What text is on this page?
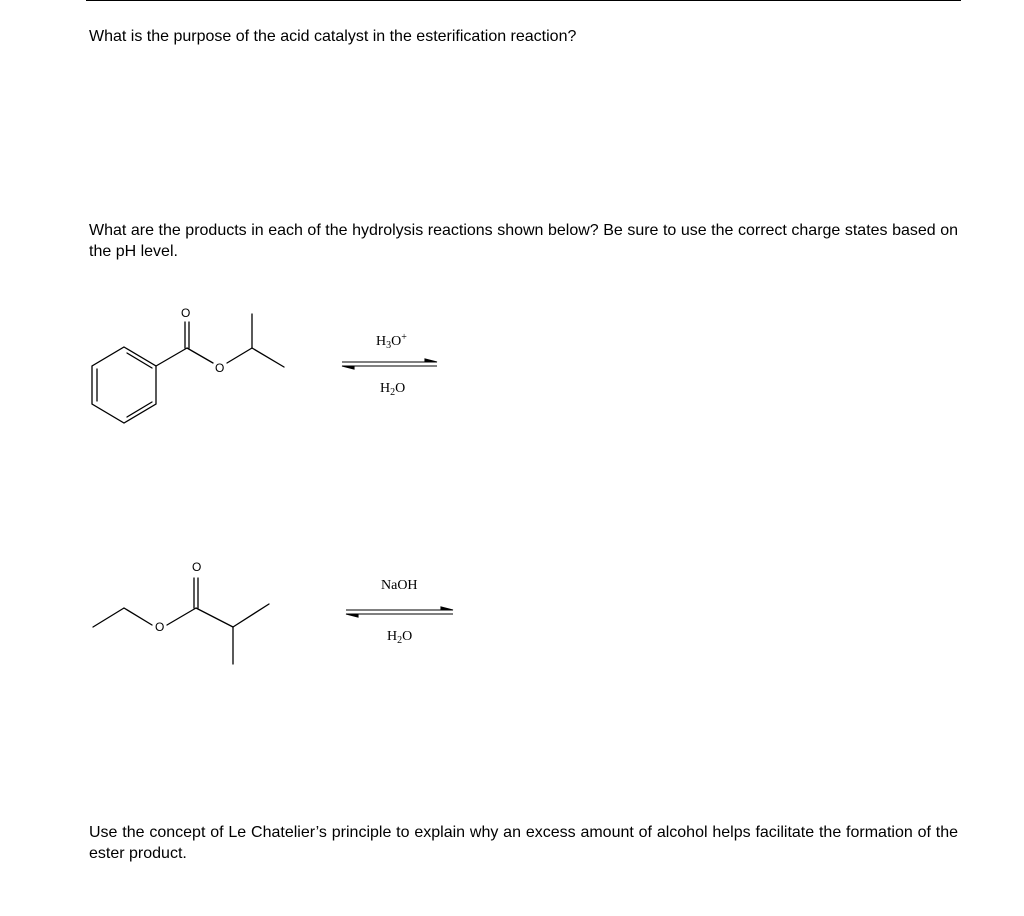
What is the purpose of the acid catalyst in the esterification reaction?

What are the products in each of the hydrolysis reactions shown below? Be sure to use the correct charge states based on the pH level.

Use the concept of Le Chatelier’s principle to explain why an excess amount of alcohol helps facilitate the formation of the ester product.

O
O
O
O
$H_3O^+$
$H_2O$
NaOH
$H_2O$
